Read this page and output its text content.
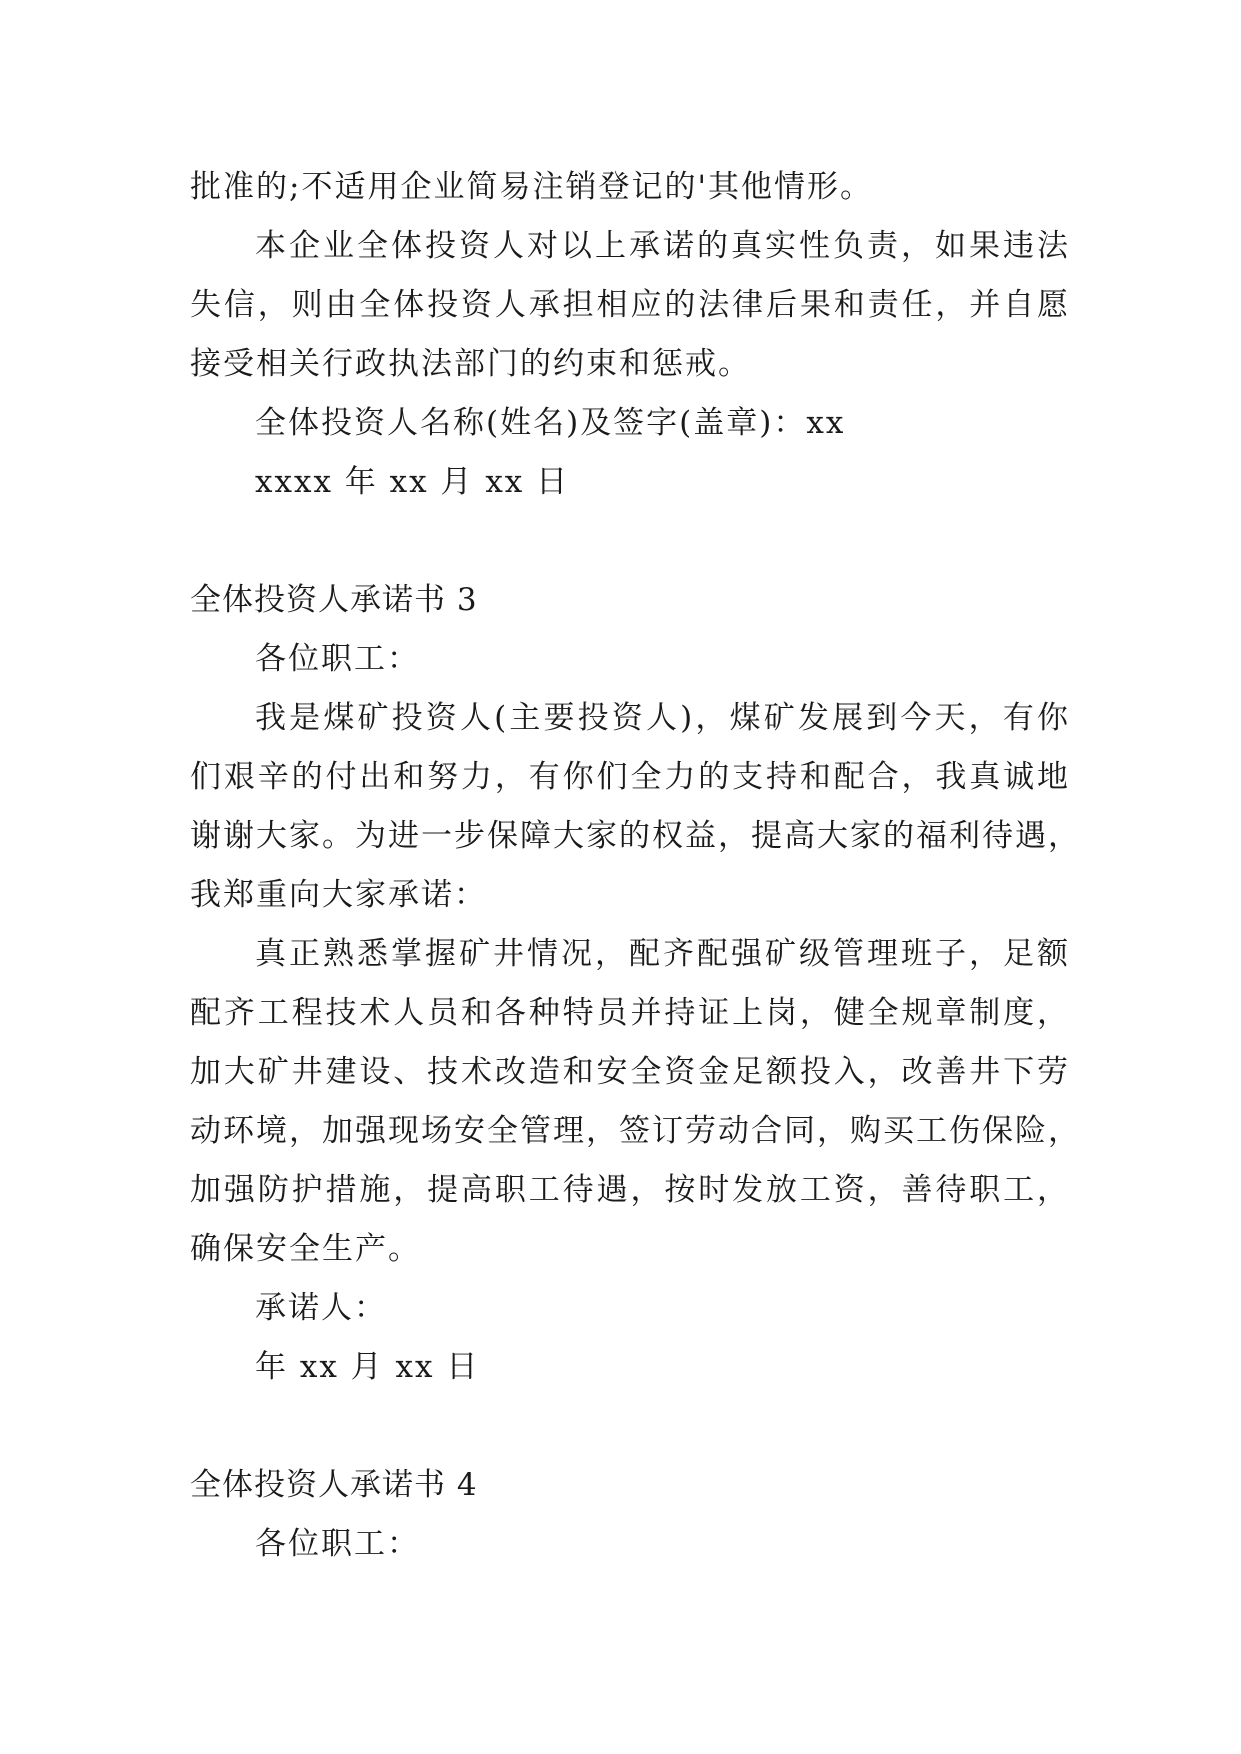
批准的;不适用企业简易注销登记的'其他情形。

本企业全体投资人对以上承诺的真实性负责，如果违法

失信，则由全体投资人承担相应的法律后果和责任，并自愿

接受相关行政执法部门的约束和惩戒。

全体投资人名称(姓名)及签字(盖章)：xx

xxxx 年 xx 月 xx 日

全体投资人承诺书 3

各位职工：

我是煤矿投资人(主要投资人)，煤矿发展到今天，有你

们艰辛的付出和努力，有你们全力的支持和配合，我真诚地

谢谢大家。为进一步保障大家的权益，提高大家的福利待遇，

我郑重向大家承诺：

真正熟悉掌握矿井情况，配齐配强矿级管理班子，足额

配齐工程技术人员和各种特员并持证上岗，健全规章制度，

加大矿井建设、技术改造和安全资金足额投入，改善井下劳

动环境，加强现场安全管理，签订劳动合同，购买工伤保险，

加强防护措施，提高职工待遇，按时发放工资，善待职工，

确保安全生产。

承诺人：

年 xx 月 xx 日

全体投资人承诺书 4

各位职工：
